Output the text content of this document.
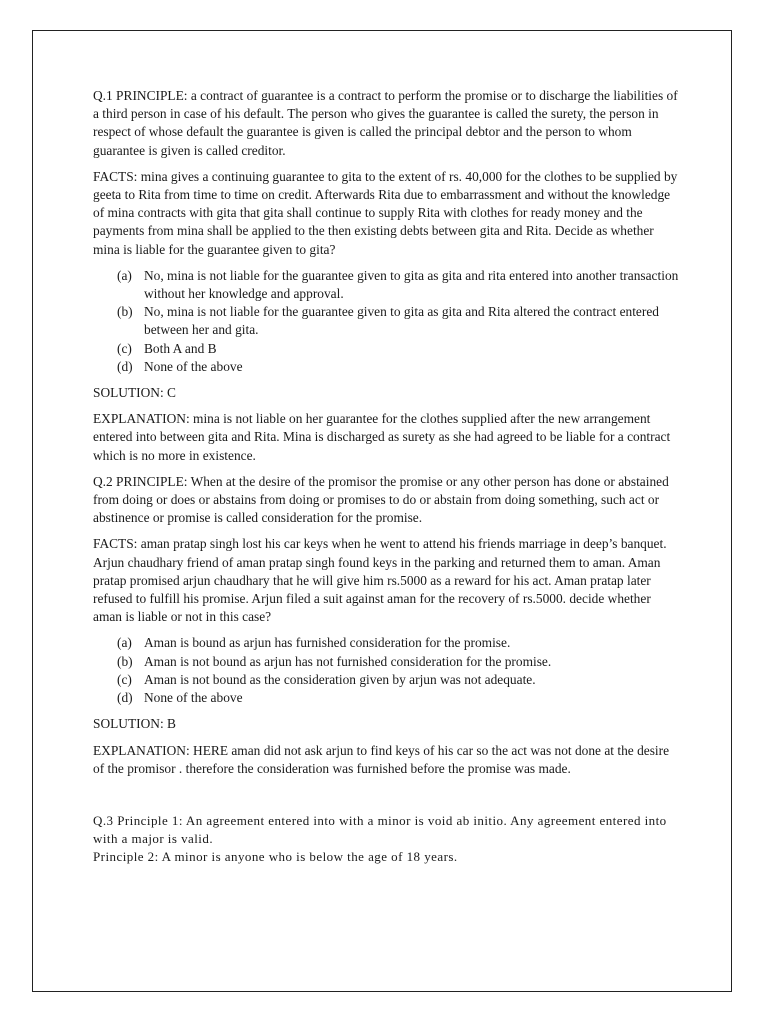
Q.1 PRINCIPLE: a contract of guarantee is a contract to perform the promise or to discharge the liabilities of a third person in case of his default. The person who gives the guarantee is called the surety, the person in respect of whose default the guarantee is given is called the principal debtor and the person to whom guarantee is given is called creditor.

FACTS: mina gives a continuing guarantee to gita to the extent of rs. 40,000 for the clothes to be supplied by geeta to Rita from time to time on credit. Afterwards Rita due to embarrassment and without the knowledge of mina contracts with gita that gita shall continue to supply Rita with clothes for ready money and the payments from mina shall be applied to the then existing debts between gita and Rita. Decide as whether mina is liable for the guarantee given to gita?

(a) No, mina is not liable for the guarantee given to gita as gita and rita entered into another transaction without her knowledge and approval.
(b) No, mina is not liable for the guarantee given to gita as gita and Rita altered the contract entered between her and gita.
(c) Both A and B
(d) None of the above

SOLUTION: C

EXPLANATION: mina is not liable on her guarantee for the clothes supplied after the new arrangement entered into between gita and Rita. Mina is discharged as surety as she had agreed to be liable for a contract which is no more in existence.

Q.2 PRINCIPLE: When at the desire of the promisor the promise or any other person has done or abstained from doing or does or abstains from doing or promises to do or abstain from doing something, such act or abstinence or promise is called consideration for the promise.

FACTS: aman pratap singh lost his car keys when he went to attend his friends marriage in deep’s banquet. Arjun chaudhary friend of aman pratap singh found keys in the parking and returned them to aman. Aman pratap promised arjun chaudhary that he will give him rs.5000 as a reward for his act. Aman pratap later refused to fulfill his promise. Arjun filed a suit against aman for the recovery of rs.5000. decide whether aman is liable or not in this case?

(a) Aman is bound as arjun has furnished consideration for the promise.
(b) Aman is not bound as arjun has not furnished consideration for the promise.
(c) Aman is not bound as the consideration given by arjun was not adequate.
(d) None of the above

SOLUTION: B

EXPLANATION: HERE aman did not ask arjun to find keys of his car so the act was not done at the desire of the promisor . therefore the consideration was furnished before the promise was made.

Q.3 Principle 1: An agreement entered into with a minor is void ab initio. Any agreement entered into with a major is valid.

Principle 2: A minor is anyone who is below the age of 18 years.
